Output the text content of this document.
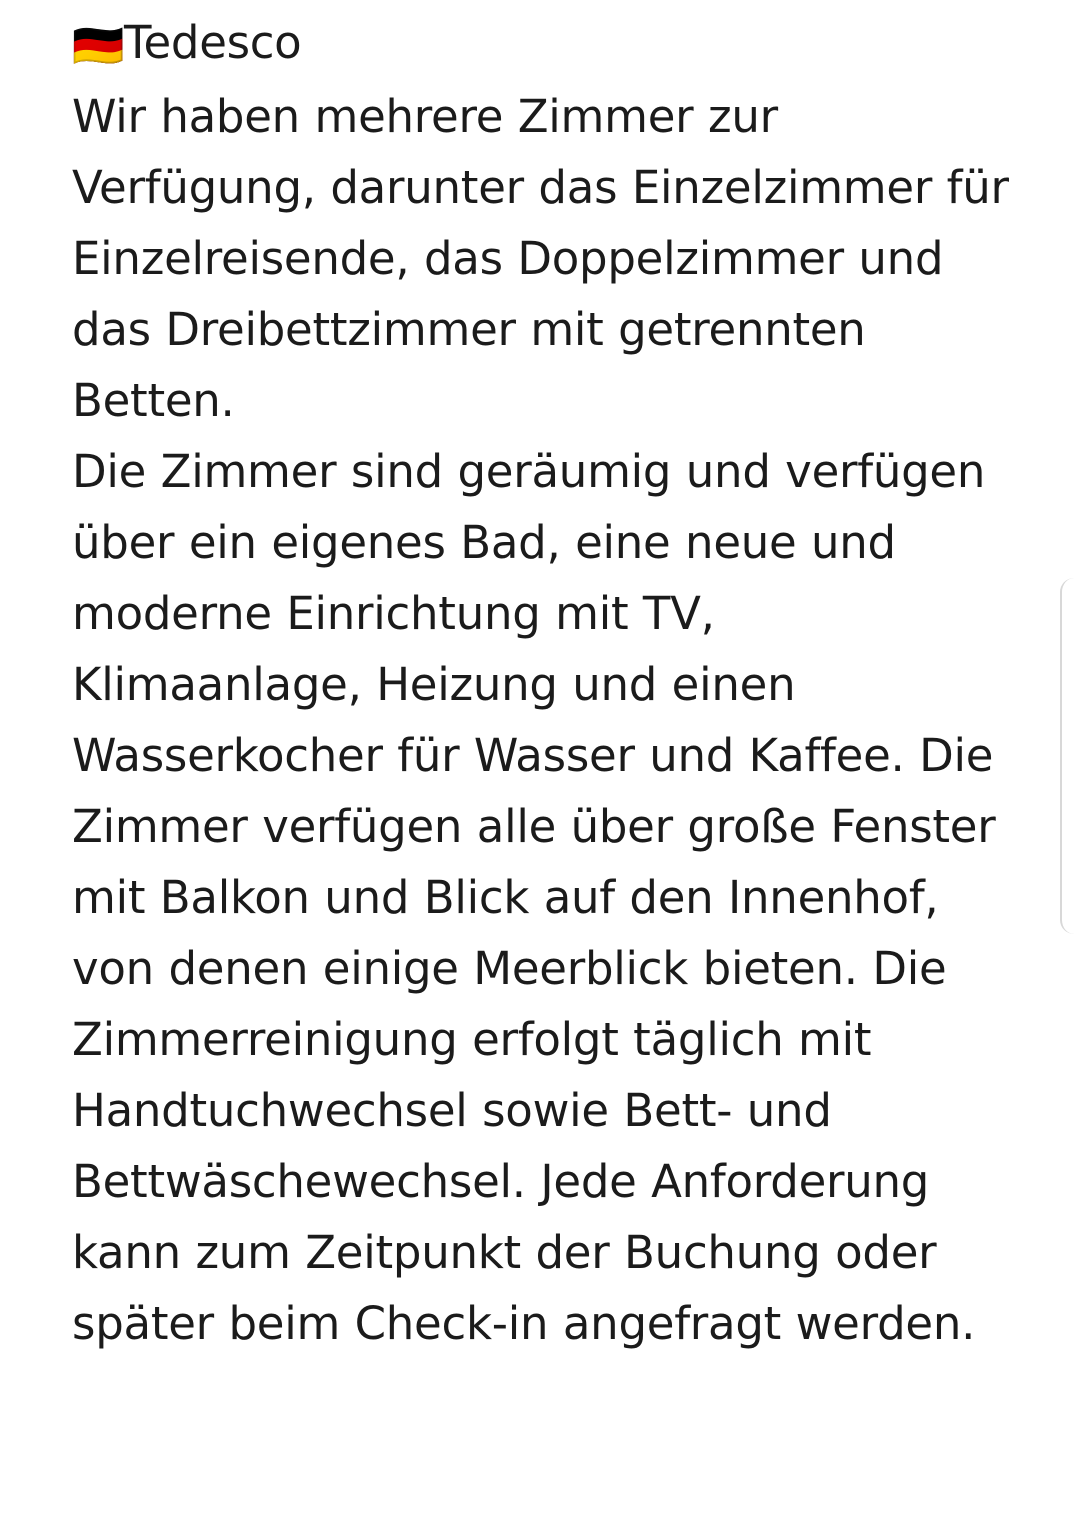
🇩🇪Tedesco

Wir haben mehrere Zimmer zur Verfügung, darunter das Einzelzimmer für Einzelreisende, das Doppelzimmer und das Dreibettzimmer mit getrennten Betten.

Die Zimmer sind geräumig und verfügen über ein eigenes Bad, eine neue und moderne Einrichtung mit TV, Klimaanlage, Heizung und einen Wasserkocher für Wasser und Kaffee. Die Zimmer verfügen alle über große Fenster mit Balkon und Blick auf den Innenhof, von denen einige Meerblick bieten. Die Zimmerreinigung erfolgt täglich mit Handtuchwechsel sowie Bett- und Bettwäschewechsel. Jede Anforderung kann zum Zeitpunkt der Buchung oder später beim Check-in angefragt werden.
